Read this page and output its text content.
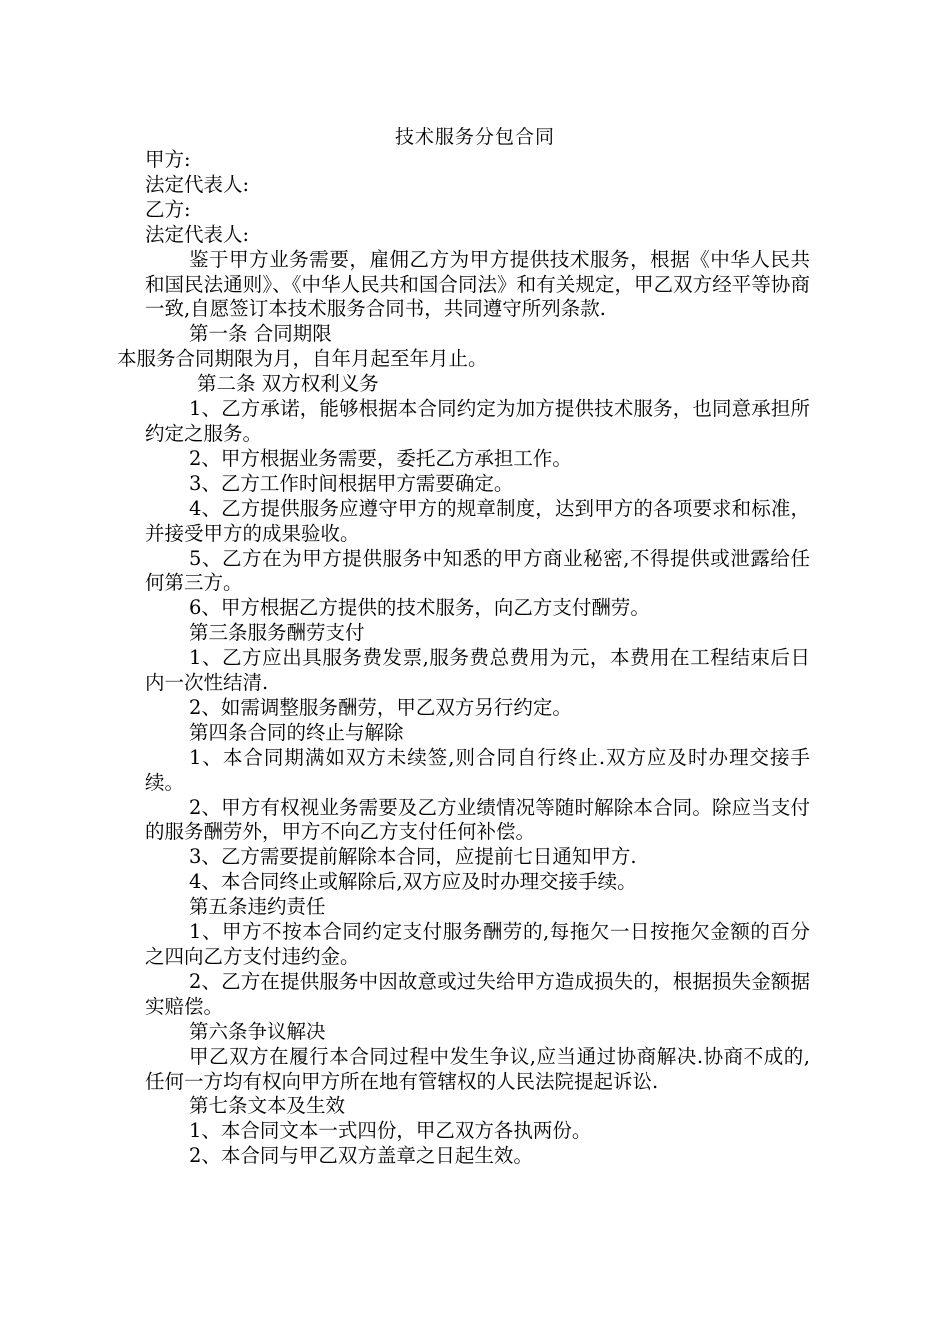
技术服务分包合同

甲方:

法定代表人:

乙方:

法定代表人:

鉴于甲方业务需要，雇佣乙方为甲方提供技术服务，根据《中华人民共和国民法通则》、《中华人民共和国合同法》和有关规定，甲乙双方经平等协商一致,自愿签订本技术服务合同书，共同遵守所列条款.

第一条 合同期限

本服务合同期限为月，自年月起至年月止。

第二条 双方权利义务

1、乙方承诺，能够根据本合同约定为加方提供技术服务，也同意承担所约定之服务。

2、甲方根据业务需要，委托乙方承担工作。

3、乙方工作时间根据甲方需要确定。

4、乙方提供服务应遵守甲方的规章制度，达到甲方的各项要求和标准，并接受甲方的成果验收。

5、乙方在为甲方提供服务中知悉的甲方商业秘密,不得提供或泄露给任何第三方。

6、甲方根据乙方提供的技术服务，向乙方支付酬劳。

第三条服务酬劳支付

1、乙方应出具服务费发票,服务费总费用为元，本费用在工程结束后日内一次性结清.

2、如需调整服务酬劳，甲乙双方另行约定。

第四条合同的终止与解除

1、本合同期满如双方未续签,则合同自行终止.双方应及时办理交接手续。

2、甲方有权视业务需要及乙方业绩情况等随时解除本合同。除应当支付的服务酬劳外，甲方不向乙方支付任何补偿。

3、乙方需要提前解除本合同，应提前七日通知甲方.

4、本合同终止或解除后,双方应及时办理交接手续。

第五条违约责任

1、甲方不按本合同约定支付服务酬劳的,每拖欠一日按拖欠金额的百分之四向乙方支付违约金。

2、乙方在提供服务中因故意或过失给甲方造成损失的，根据损失金额据实赔偿。

第六条争议解决

甲乙双方在履行本合同过程中发生争议,应当通过协商解决.协商不成的,任何一方均有权向甲方所在地有管辖权的人民法院提起诉讼.

第七条文本及生效

1、本合同文本一式四份，甲乙双方各执两份。

2、本合同与甲乙双方盖章之日起生效。
